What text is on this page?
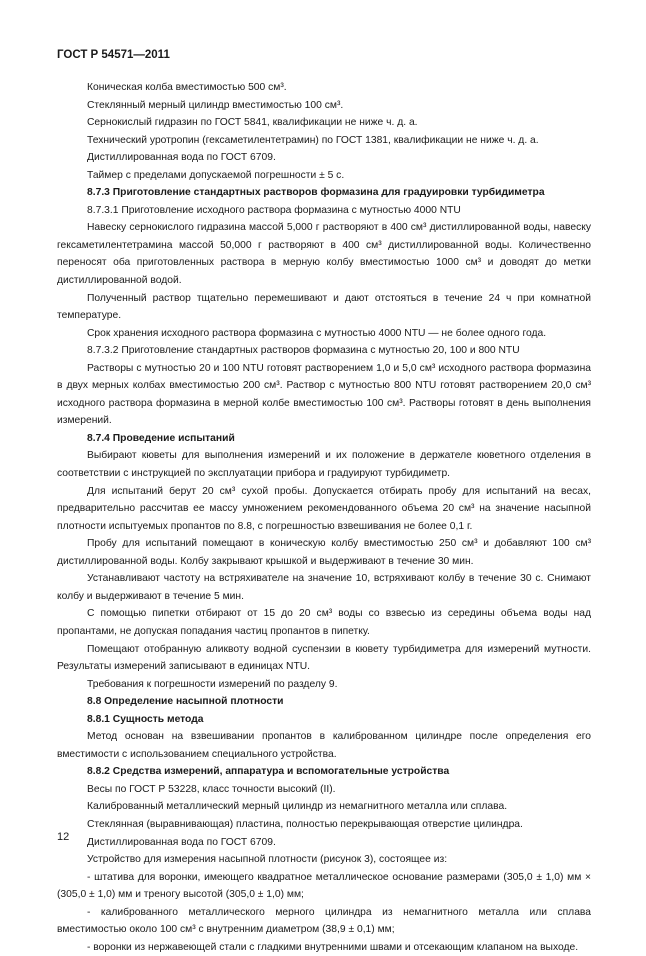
ГОСТ Р 54571—2011

Коническая колба вместимостью 500 см³.

Стеклянный мерный цилиндр вместимостью 100 см³.

Сернокислый гидразин по ГОСТ 5841, квалификации не ниже ч. д. а.

Технический уротропин (гексаметилентетрамин) по ГОСТ 1381, квалификации не ниже ч. д. а.

Дистиллированная вода по ГОСТ 6709.

Таймер с пределами допускаемой погрешности ± 5 с.

8.7.3 Приготовление стандартных растворов формазина для градуировки турбидиметра

8.7.3.1 Приготовление исходного раствора формазина с мутностью 4000 NTU

Навеску сернокислого гидразина массой 5,000 г растворяют в 400 см³ дистиллированной воды, навеску гексаметилентетрамина массой 50,000 г растворяют в 400 см³ дистиллированной воды. Количественно переносят оба приготовленных раствора в мерную колбу вместимостью 1000 см³ и доводят до метки дистиллированной водой.

Полученный раствор тщательно перемешивают и дают отстояться в течение 24 ч при комнатной температуре.

Срок хранения исходного раствора формазина с мутностью 4000 NTU — не более одного года.

8.7.3.2 Приготовление стандартных растворов формазина с мутностью 20, 100 и 800 NTU

Растворы с мутностью 20 и 100 NTU готовят растворением 1,0 и 5,0 см³ исходного раствора формазина в двух мерных колбах вместимостью 200 см³. Раствор с мутностью 800 NTU готовят растворением 20,0 см³ исходного раствора формазина в мерной колбе вместимостью 100 см³. Растворы готовят в день выполнения измерений.

8.7.4 Проведение испытаний

Выбирают кюветы для выполнения измерений и их положение в держателе кюветного отделения в соответствии с инструкцией по эксплуатации прибора и градуируют турбидиметр.

Для испытаний берут 20 см³ сухой пробы. Допускается отбирать пробу для испытаний на весах, предварительно рассчитав ее массу умножением рекомендованного объема 20 см³ на значение насыпной плотности испытуемых пропантов по 8.8, с погрешностью взвешивания не более 0,1 г.

Пробу для испытаний помещают в коническую колбу вместимостью 250 см³ и добавляют 100 см³ дистиллированной воды. Колбу закрывают крышкой и выдерживают в течение 30 мин.

Устанавливают частоту на встряхивателе на значение 10, встряхивают колбу в течение 30 с. Снимают колбу и выдерживают в течение 5 мин.

С помощью пипетки отбирают от 15 до 20 см³ воды со взвесью из середины объема воды над пропантами, не допуская попадания частиц пропантов в пипетку.

Помещают отобранную аликвоту водной суспензии в кювету турбидиметра для измерений мутности. Результаты измерений записывают в единицах NTU.

Требования к погрешности измерений по разделу 9.

8.8 Определение насыпной плотности

8.8.1 Сущность метода

Метод основан на взвешивании пропантов в калиброванном цилиндре после определения его вместимости с использованием специального устройства.

8.8.2 Средства измерений, аппаратура и вспомогательные устройства

Весы по ГОСТ Р 53228, класс точности высокий (II).

Калиброванный металлический мерный цилиндр из немагнитного металла или сплава.

Стеклянная (выравнивающая) пластина, полностью перекрывающая отверстие цилиндра.

Дистиллированная вода по ГОСТ 6709.

Устройство для измерения насыпной плотности (рисунок 3), состоящее из:

- штатива для воронки, имеющего квадратное металлическое основание размерами (305,0 ± 1,0) мм × (305,0 ± 1,0) мм и треногу высотой (305,0 ± 1,0) мм;

- калиброванного металлического мерного цилиндра из немагнитного металла или сплава вместимостью около 100 см³ с внутренним диаметром (38,9 ± 0,1) мм;

- воронки из нержавеющей стали с гладкими внутренними швами и отсекающим клапаном на выходе.

12
